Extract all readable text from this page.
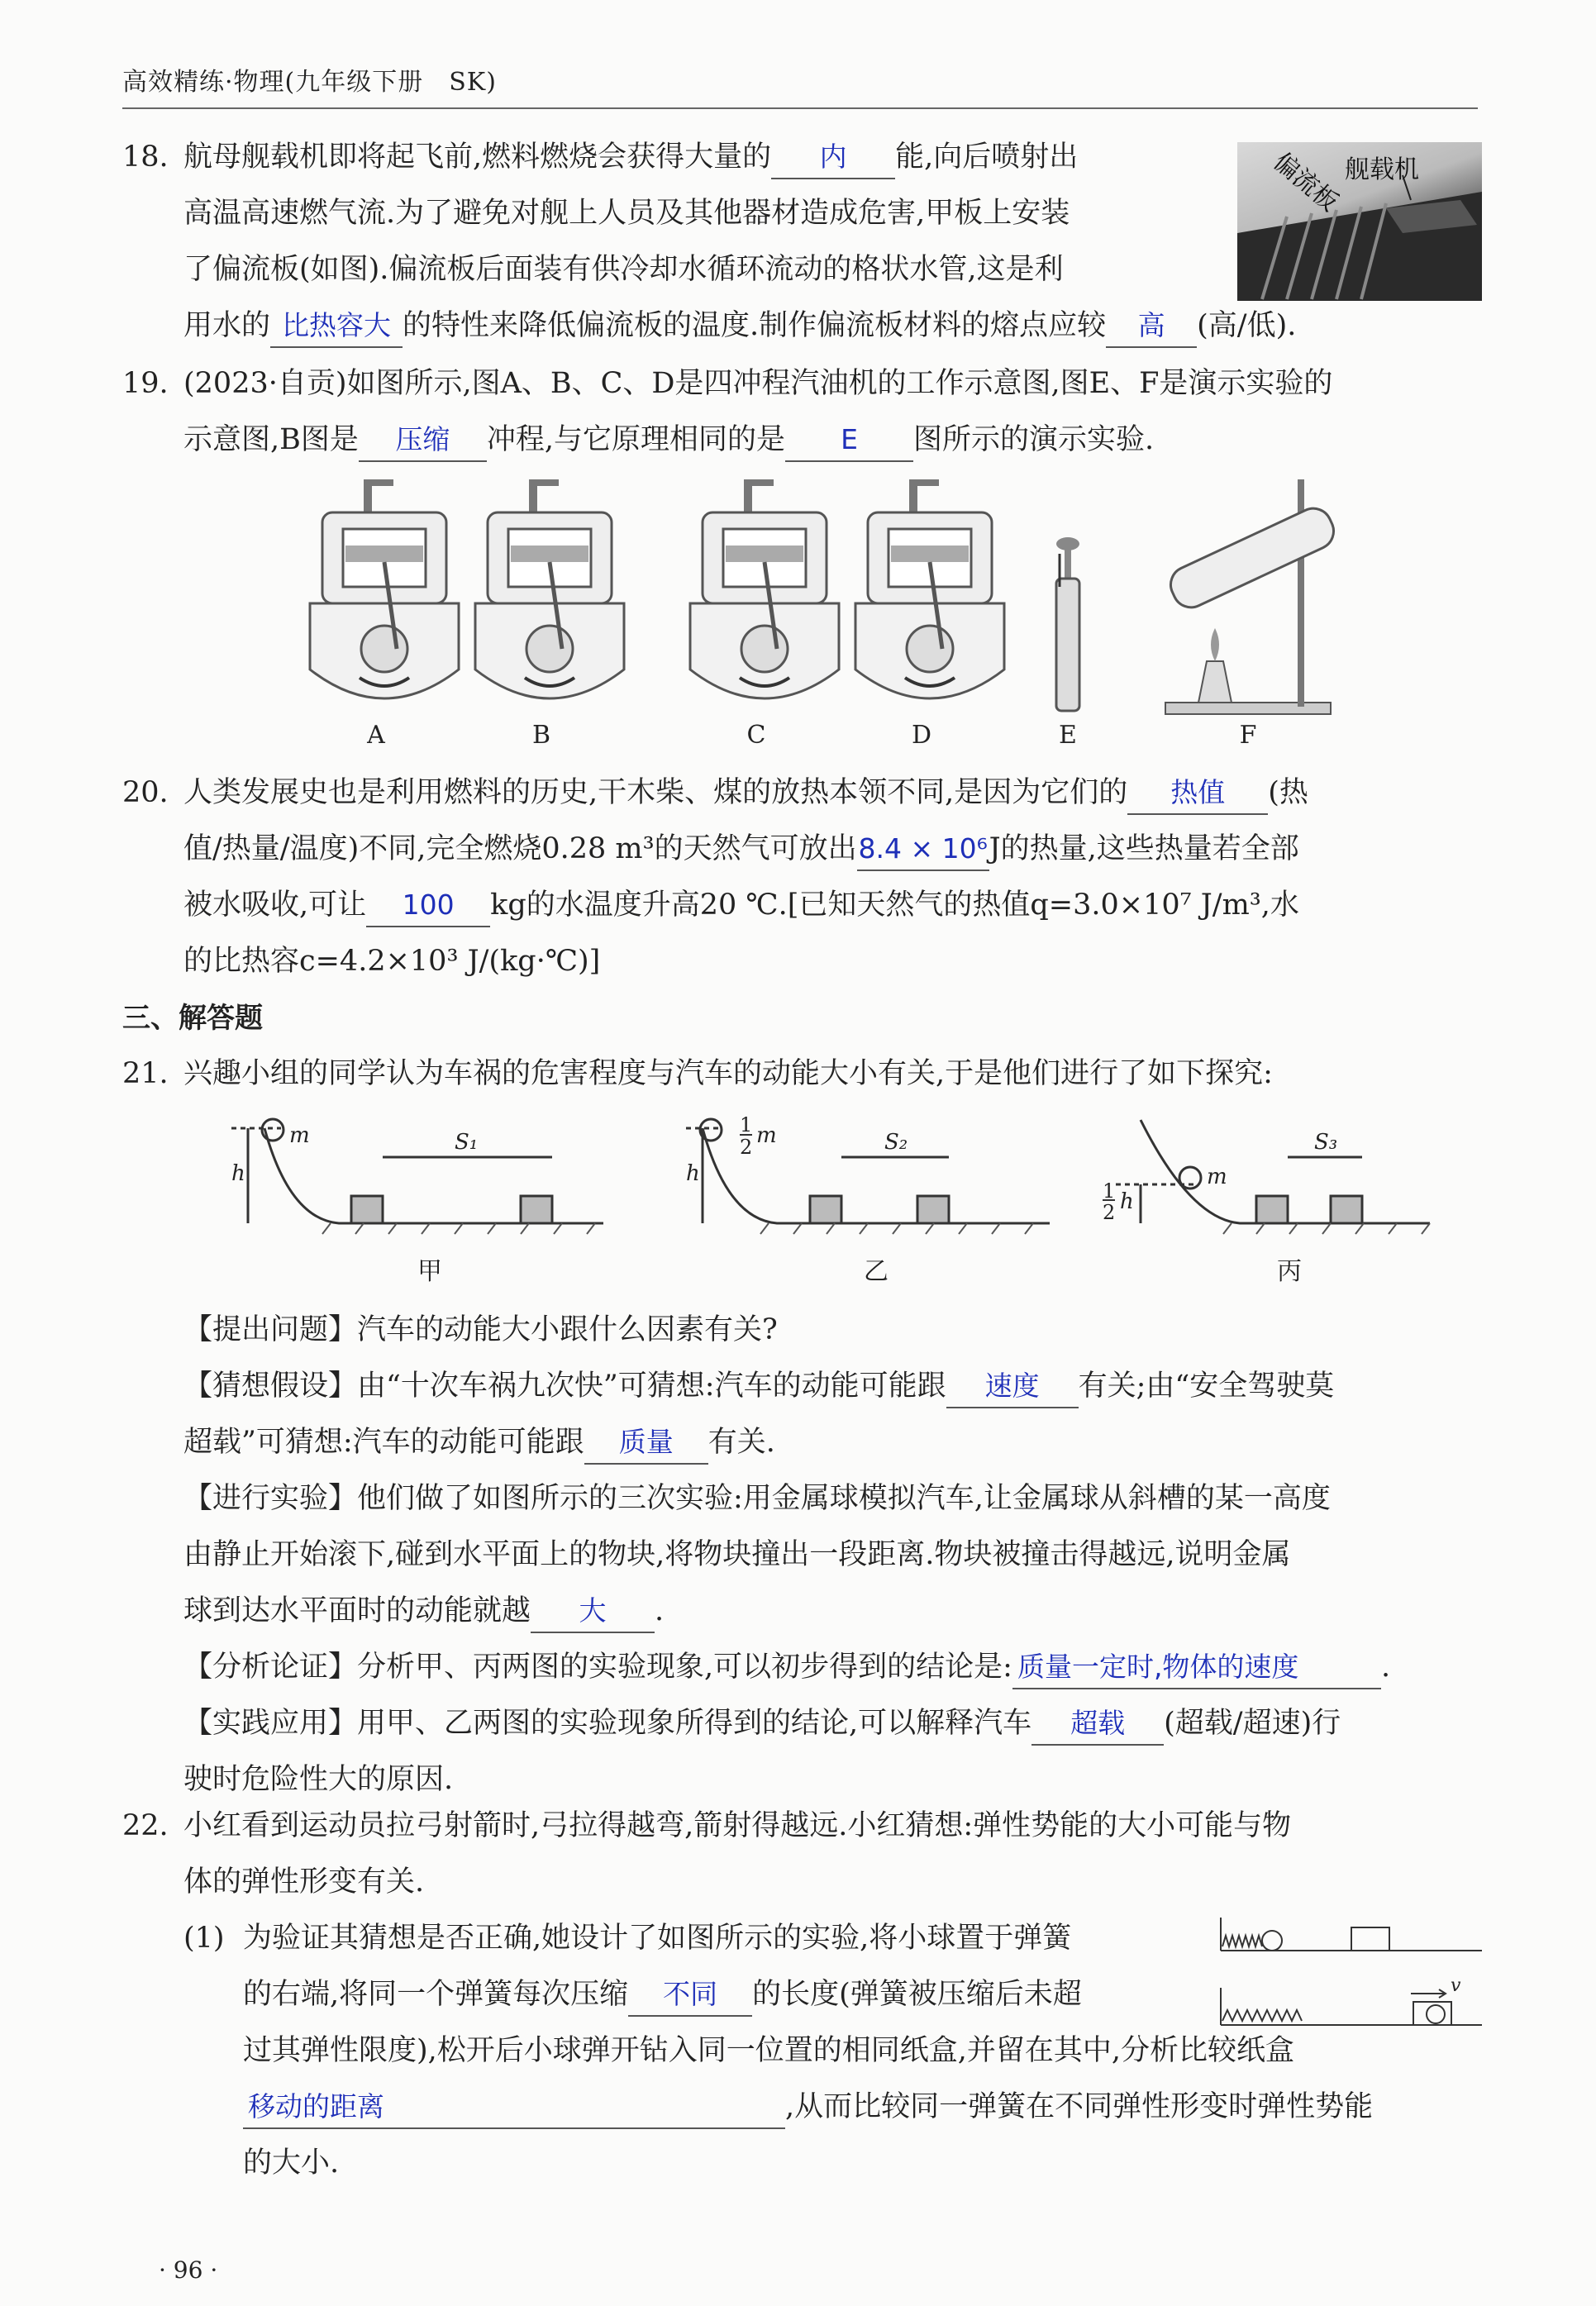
高效精练·物理(九年级下册　SK)
18. 航母舰载机即将起飞前,燃料燃烧会获得大量的 内 能,向后喷射出
高温高速燃气流.为了避免对舰上人员及其他器材造成危害,甲板上安装
了偏流板(如图).偏流板后面装有供冷却水循环流动的格状水管,这是利
用水的 比热容大 的特性来降低偏流板的温度.制作偏流板材料的熔点应较 高 (高/低).
舰载机
偏流板
19. (2023·自贡)如图所示,图A、B、C、D是四冲程汽油机的工作示意图,图E、F是演示实验的
示意图,B图是 压缩 冲程,与它原理相同的是 E 图所示的演示实验.
A	B	C	D	E	F
20. 人类发展史也是利用燃料的历史,干木柴、煤的放热本领不同,是因为它们的 热值 (热
值/热量/温度)不同,完全燃烧0.28 m³的天然气可放出8.4 × 10⁶J的热量,这些热量若全部
被水吸收,可让 100 kg的水温度升高20 ℃.[已知天然气的热值q=3.0×10⁷ J/m³,水
的比热容c=4.2×10³ J/(kg·℃)]
三、解答题
21. 兴趣小组的同学认为车祸的危害程度与汽车的动能大小有关,于是他们进行了如下探究:
m
h
S₁
1
2 m
h
S₂
m
1
2 h
S₃
甲	乙	丙
【提出问题】汽车的动能大小跟什么因素有关?
【猜想假设】由“十次车祸九次快”可猜想:汽车的动能可能跟 速度 有关;由“安全驾驶莫
超载”可猜想:汽车的动能可能跟 质量 有关.
【进行实验】他们做了如图所示的三次实验:用金属球模拟汽车,让金属球从斜槽的某一高度
由静止开始滚下,碰到水平面上的物块,将物块撞出一段距离.物块被撞击得越远,说明金属
球到达水平面时的动能就越 大 .
【分析论证】分析甲、丙两图的实验现象,可以初步得到的结论是: 质量一定时,物体的速度	.
【实践应用】用甲、乙两图的实验现象所得到的结论,可以解释汽车 超载 (超载/超速)行
驶时危险性大的原因.
22. 小红看到运动员拉弓射箭时,弓拉得越弯,箭射得越远.小红猜想:弹性势能的大小可能与物
体的弹性形变有关.
(1) 为验证其猜想是否正确,她设计了如图所示的实验,将小球置于弹簧
的右端,将同一个弹簧每次压缩 不同 的长度(弹簧被压缩后未超
过其弹性限度),松开后小球弹开钻入同一位置的相同纸盒,并留在其中,分析比较纸盒
移动的距离	,从而比较同一弹簧在不同弹性形变时弹性势能
的大小.
v
· 96 ·
